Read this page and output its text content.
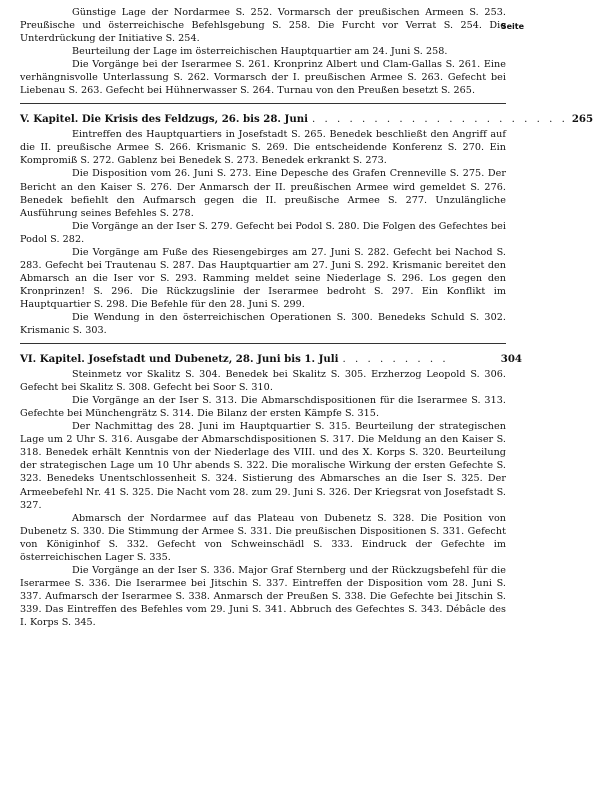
Seite

Günstige Lage der Nordarmee S. 252. Vormarsch der preußischen Armeen S. 253. Preußische und österreichische Befehlsgebung S. 258. Die Furcht vor Verrat S. 254. Die Unterdrückung der Initiative S. 254.

Beurteilung der Lage im österreichischen Hauptquartier am 24. Juni S. 258.

Die Vorgänge bei der Iserarmee S. 261. Kronprinz Albert und Clam-Gallas S. 261. Eine verhängnisvolle Unterlassung S. 262. Vormarsch der I. preußischen Armee S. 263. Gefecht bei Liebenau S. 263. Gefecht bei Hühnerwasser S. 264. Turnau von den Preußen besetzt S. 265.

V. Kapitel. Die Krisis des Feldzugs, 26. bis 28. Juni . . . . . . . . . . . . . . . . . . . . . 265

Eintreffen des Hauptquartiers in Josefstadt S. 265. Benedek beschließt den Angriff auf die II. preußische Armee S. 266. Krismanic S. 269. Die entscheidende Konferenz S. 270. Ein Kompromiß S. 272. Gablenz bei Benedek S. 273. Benedek erkrankt S. 273.

Die Disposition vom 26. Juni S. 273. Eine Depesche des Grafen Crenneville S. 275. Der Bericht an den Kaiser S. 276. Der Anmarsch der II. preußischen Armee wird gemeldet S. 276. Benedek befiehlt den Aufmarsch gegen die II. preußische Armee S. 277. Unzulängliche Ausführung seines Befehles S. 278.

Die Vorgänge an der Iser S. 279. Gefecht bei Podol S. 280. Die Folgen des Gefechtes bei Podol S. 282.

Die Vorgänge am Fuße des Riesengebirges am 27. Juni S. 282. Gefecht bei Nachod S. 283. Gefecht bei Trautenau S. 287. Das Hauptquartier am 27. Juni S. 292. Krismanic bereitet den Abmarsch an die Iser vor S. 293. Ramming meldet seine Niederlage S. 296. Los gegen den Kronprinzen! S. 296. Die Rückzugslinie der Iserarmee bedroht S. 297. Ein Konflikt im Hauptquartier S. 298. Die Befehle für den 28. Juni S. 299.

Die Wendung in den österreichischen Operationen S. 300. Benedeks Schuld S. 302. Krismanic S. 303.

VI. Kapitel. Josefstadt und Dubenetz, 28. Juni bis 1. Juli . . . . . . . . .	304

Steinmetz vor Skalitz S. 304. Benedek bei Skalitz S. 305. Erzherzog Leopold S. 306. Gefecht bei Skalitz S. 308. Gefecht bei Soor S. 310.

Die Vorgänge an der Iser S. 313. Die Abmarschdispositionen für die Iserarmee S. 313. Gefechte bei Münchengrätz S. 314. Die Bilanz der ersten Kämpfe S. 315.

Der Nachmittag des 28. Juni im Hauptquartier S. 315. Beurteilung der strategischen Lage um 2 Uhr S. 316. Ausgabe der Abmarschdispositionen S. 317. Die Meldung an den Kaiser S. 318. Benedek erhält Kenntnis von der Niederlage des VIII. und des X. Korps S. 320. Beurteilung der strategischen Lage um 10 Uhr abends S. 322. Die moralische Wirkung der ersten Gefechte S. 323. Benedeks Unentschlossenheit S. 324. Sistierung des Abmarsches an die Iser S. 325. Der Armeebefehl Nr. 41 S. 325. Die Nacht vom 28. zum 29. Juni S. 326. Der Kriegsrat von Josefstadt S. 327.

Abmarsch der Nordarmee auf das Plateau von Dubenetz S. 328. Die Position von Dubenetz S. 330. Die Stimmung der Armee S. 331. Die preußischen Dispositionen S. 331. Gefecht von Königinhof S. 332. Gefecht von Schweinschädl S. 333. Eindruck der Gefechte im österreichischen Lager S. 335.

Die Vorgänge an der Iser S. 336. Major Graf Sternberg und der Rückzugsbefehl für die Iserarmee S. 336. Die Iserarmee bei Jitschin S. 337. Eintreffen der Disposition vom 28. Juni S. 337. Aufmarsch der Iserarmee S. 338. Anmarsch der Preußen S. 338. Die Gefechte bei Jitschin S. 339. Das Eintreffen des Befehles vom 29. Juni S. 341. Abbruch des Gefechtes S. 343. Débâcle des I. Korps S. 345.
